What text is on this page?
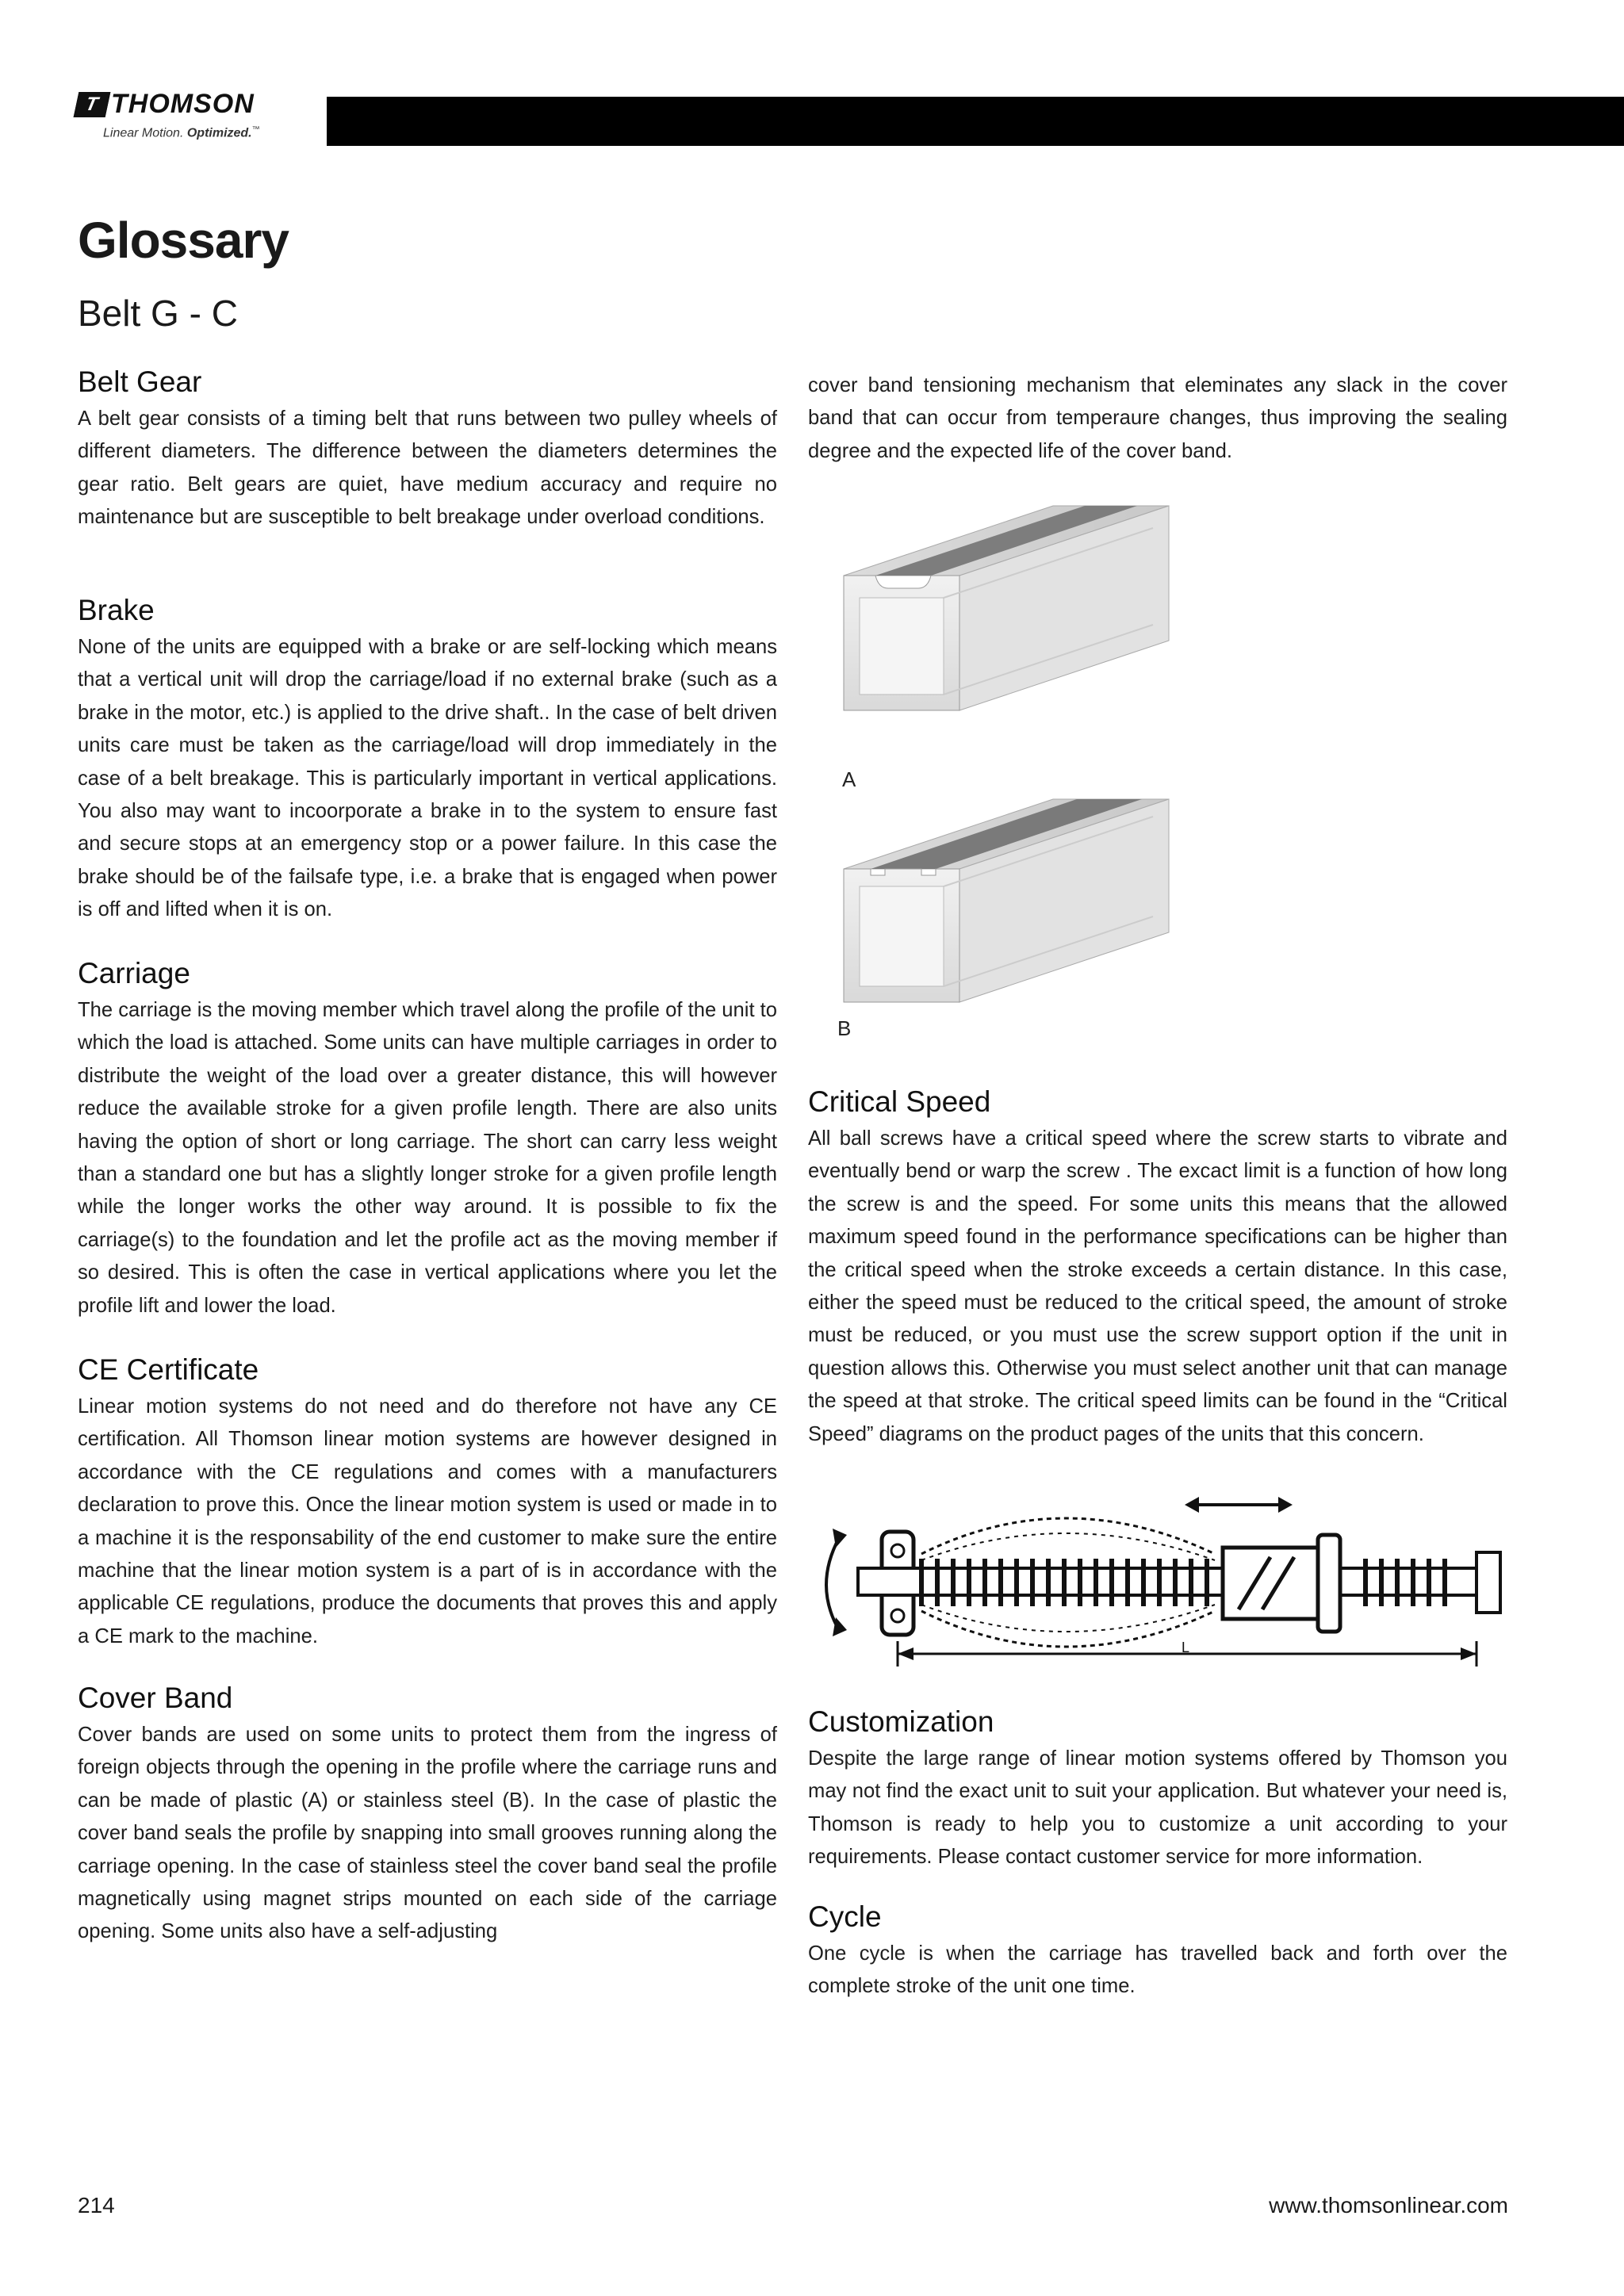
T THOMSON
Linear Motion. Optimized.™
Glossary
Belt G - C
Belt Gear

A belt gear consists of a timing belt that runs between two pulley wheels of different diameters. The difference between the diameters determines the gear ratio. Belt gears are quiet, have medium accuracy and require no maintenance but are susceptible to belt breakage under overload conditions.

Brake

None of the units are equipped with a brake or are self-locking which means that a vertical unit will drop the carriage/load if no external brake (such as a brake in the motor, etc.) is applied to the drive shaft.. In the case of belt driven units care must be taken as the carriage/load will drop immediately in the case of a belt breakage. This is particularly important in vertical applications. You also may want to incoorporate a brake in to the system to ensure fast and secure stops at an emergency stop or a power failure. In this case the brake should be of the failsafe type, i.e. a brake that is engaged when power is off and lifted when it is on.

Carriage

The carriage is the moving member which travel along the profile of the unit to which the load is attached. Some units can have multiple carriages in order to distribute the weight of the load over a greater distance, this will however reduce the available stroke for a given profile length. There are also units having the option of short or long carriage. The short can carry less weight than a standard one but has a slightly longer stroke for a given profile length while the longer works the other way around. It is possible to fix the carriage(s) to the foundation and let the profile act as the moving member if so desired. This is often the case in vertical applications where you let the profile lift and lower the load.

CE Certificate

Linear motion systems do not need and do therefore not have any CE certification. All Thomson linear motion systems are however designed in accordance with the CE regulations and comes with a manufacturers declaration to prove this. Once the linear motion system is used or made in to a machine it is the responsability of the end customer to make sure the entire machine that the linear motion system is a part of is in accordance with the applicable CE regulations, produce the documents that proves this and apply a CE mark to the machine.

Cover Band

Cover bands are used on some units to protect them from the ingress of foreign objects through the opening in the profile where the carriage runs and can be made of plastic (A) or stainless steel (B). In the case of plastic the cover band seals the profile by snapping into small grooves running along the carriage opening. In the case of stainless steel the cover band seal the profile magnetically using magnet strips mounted on each side of the carriage opening. Some units also have a self-adjusting

cover band tensioning mechanism that eleminates any slack in the cover band that can occur from temperaure changes, thus improving the sealing degree and the expected life of the cover band.

Critical Speed

All ball screws have a critical speed where the screw starts to vibrate and eventually bend or warp the screw . The excact limit is a function of how long the screw is and the speed. For some units this means that the allowed maximum speed found in the performance specifications can be higher than the critical speed when the stroke exceeds a certain distance. In this case, either the speed must be reduced to the critical speed, the amount of stroke must be reduced, or you must use the screw support option if the unit in question allows this. Otherwise you must select another unit that can manage the speed at that stroke. The critical speed limits can be found in the “Critical Speed” diagrams on the product pages of the units that this concern.

Customization

Despite the large range of linear motion systems offered by Thomson you may not find the exact unit to suit your application. But whatever your need is, Thomson is ready to help you to customize a unit according to your requirements. Please contact customer service for more information.

Cycle

One cycle is when the carriage has travelled back and forth over the complete stroke of the unit one time.

A
B
L
214	www.thomsonlinear.com
